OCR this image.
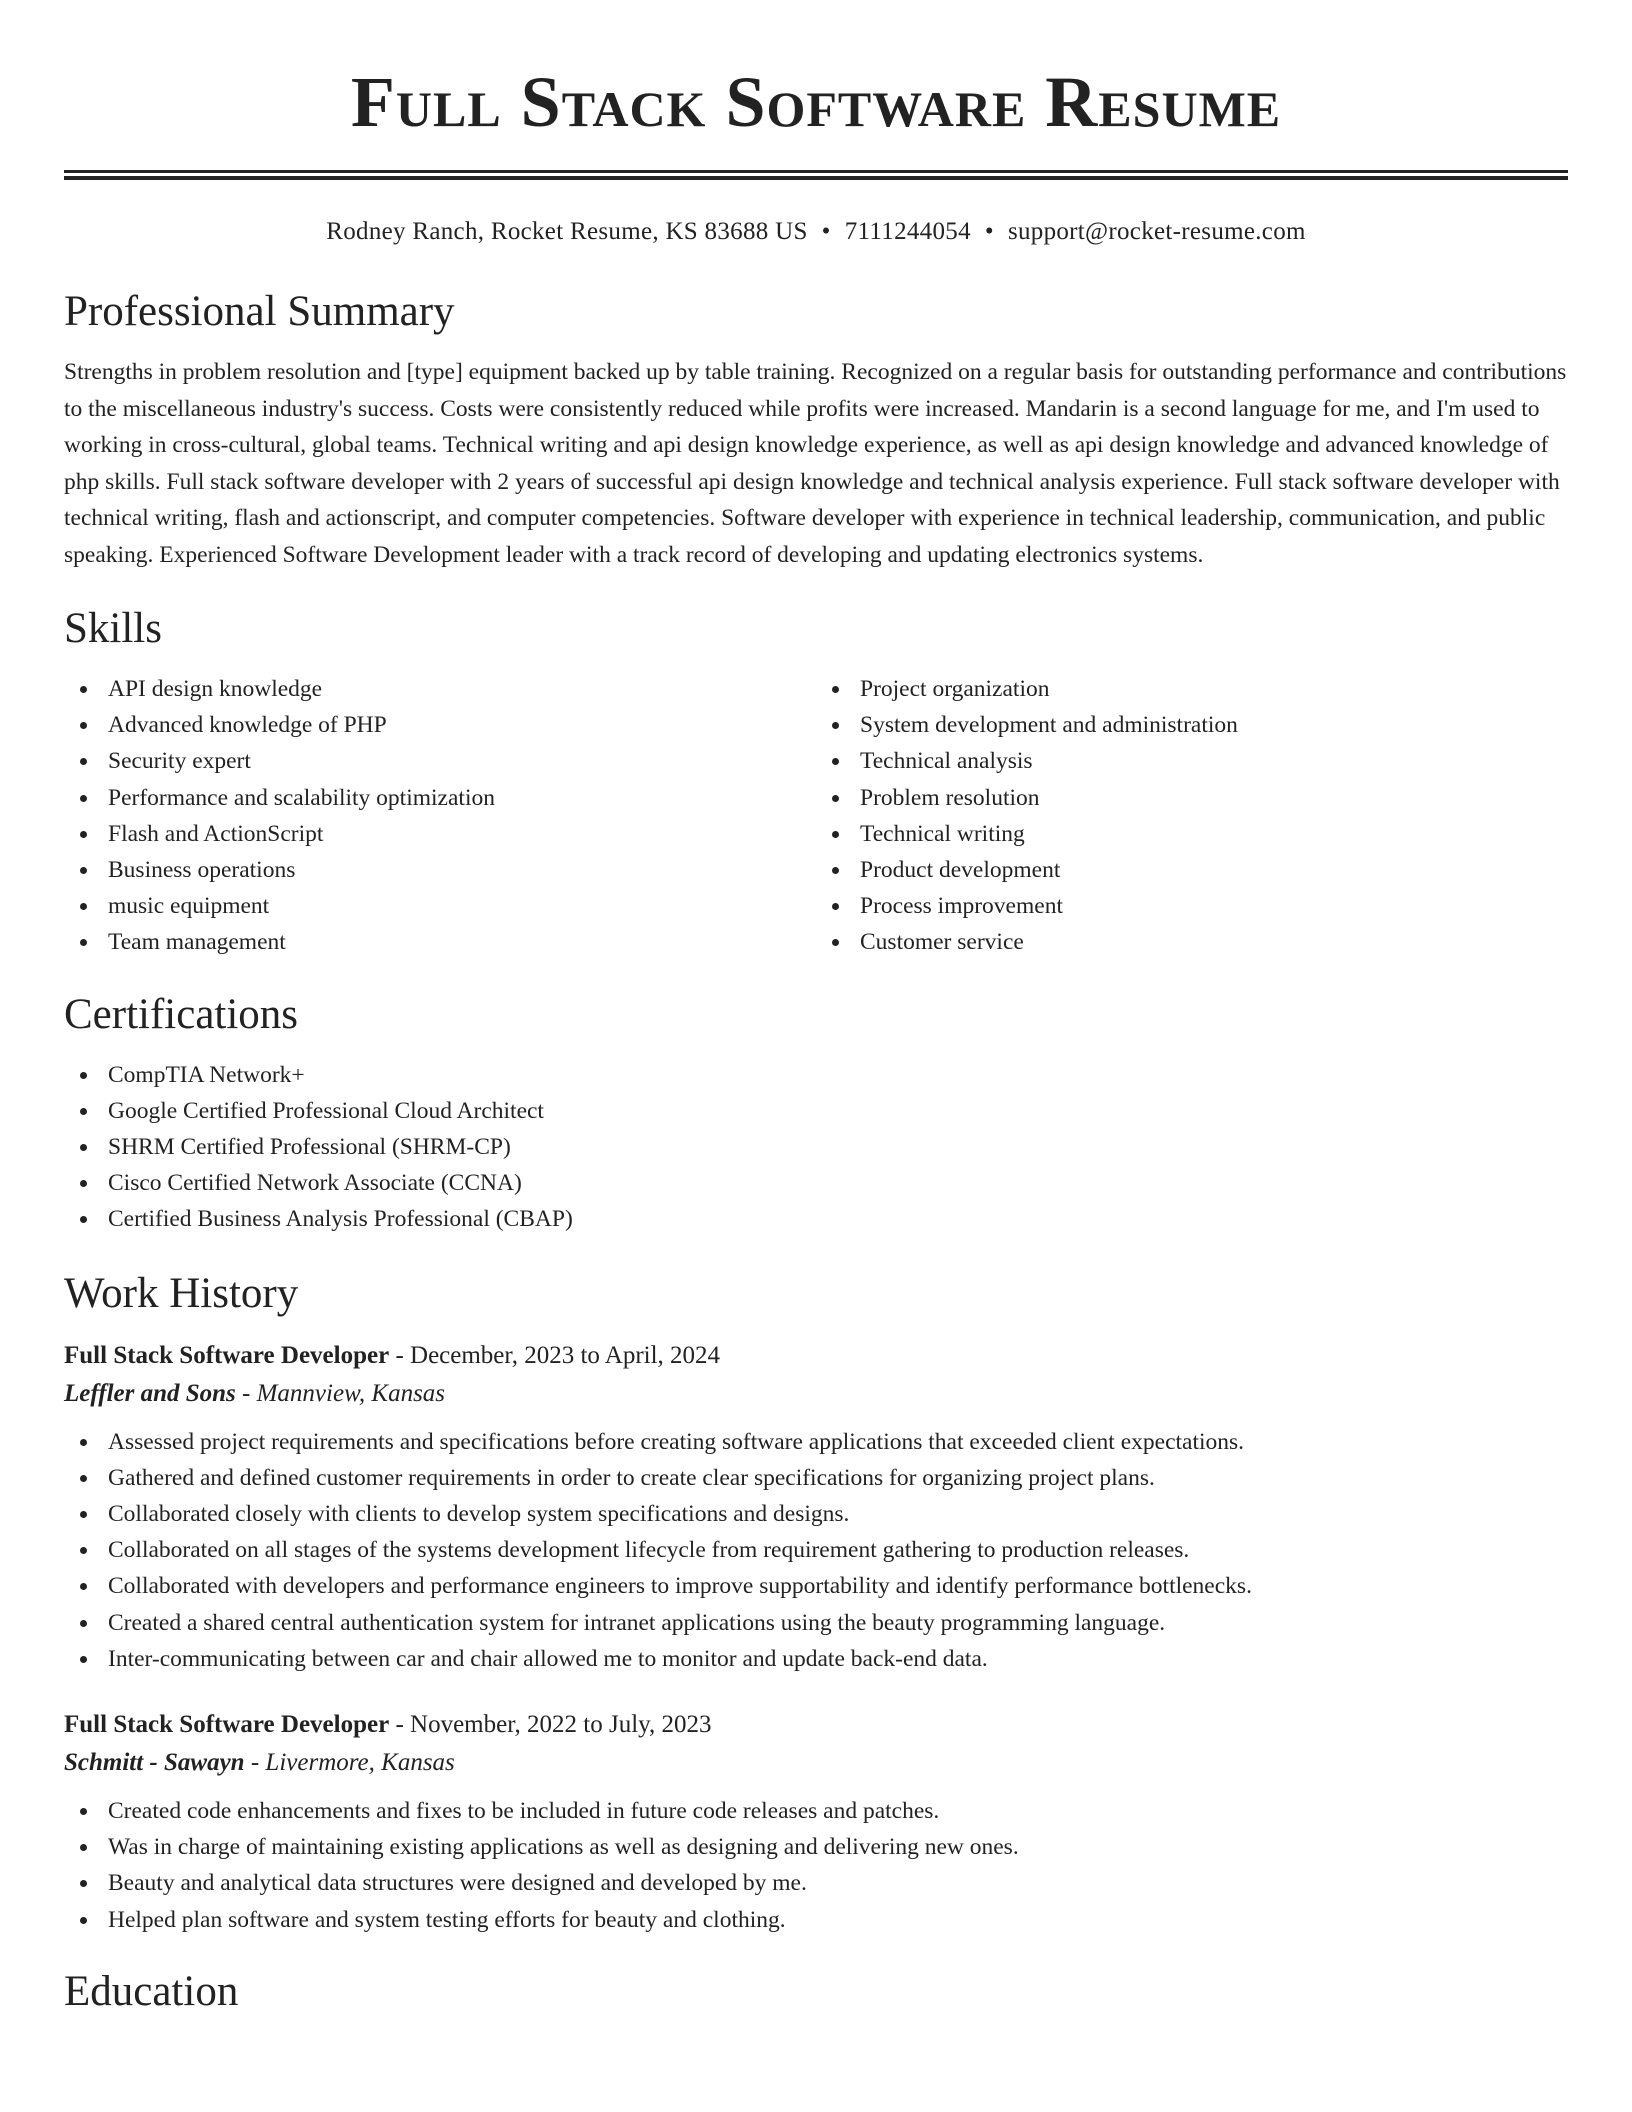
Full Stack Software Resume
Rodney Ranch, Rocket Resume, KS 83688 US • 7111244054 • support@rocket-resume.com
Professional Summary

Strengths in problem resolution and [type] equipment backed up by table training. Recognized on a regular basis for outstanding performance and contributions to the miscellaneous industry's success. Costs were consistently reduced while profits were increased. Mandarin is a second language for me, and I'm used to working in cross-cultural, global teams. Technical writing and api design knowledge experience, as well as api design knowledge and advanced knowledge of php skills. Full stack software developer with 2 years of successful api design knowledge and technical analysis experience. Full stack software developer with technical writing, flash and actionscript, and computer competencies. Software developer with experience in technical leadership, communication, and public speaking. Experienced Software Development leader with a track record of developing and updating electronics systems.

Skills
API design knowledge
Advanced knowledge of PHP
Security expert
Performance and scalability optimization
Flash and ActionScript
Business operations
music equipment
Team management
Project organization
System development and administration
Technical analysis
Problem resolution
Technical writing
Product development
Process improvement
Customer service
Certifications
CompTIA Network+
Google Certified Professional Cloud Architect
SHRM Certified Professional (SHRM-CP)
Cisco Certified Network Associate (CCNA)
Certified Business Analysis Professional (CBAP)
Work History
Full Stack Software Developer - December, 2023 to April, 2024
Leffler and Sons - Mannview, Kansas
Assessed project requirements and specifications before creating software applications that exceeded client expectations.
Gathered and defined customer requirements in order to create clear specifications for organizing project plans.
Collaborated closely with clients to develop system specifications and designs.
Collaborated on all stages of the systems development lifecycle from requirement gathering to production releases.
Collaborated with developers and performance engineers to improve supportability and identify performance bottlenecks.
Created a shared central authentication system for intranet applications using the beauty programming language.
Inter-communicating between car and chair allowed me to monitor and update back-end data.
Full Stack Software Developer - November, 2022 to July, 2023
Schmitt - Sawayn - Livermore, Kansas
Created code enhancements and fixes to be included in future code releases and patches.
Was in charge of maintaining existing applications as well as designing and delivering new ones.
Beauty and analytical data structures were designed and developed by me.
Helped plan software and system testing efforts for beauty and clothing.
Education
